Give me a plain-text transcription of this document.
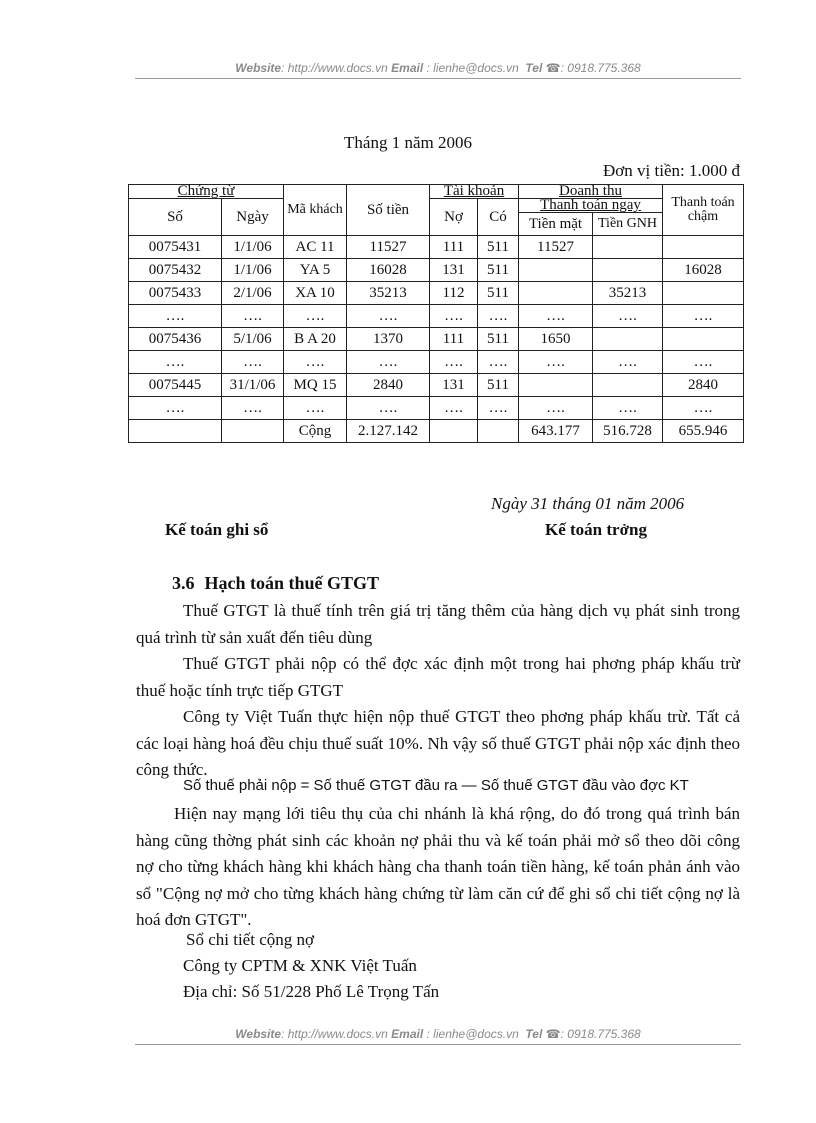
Website: http://www.docs.vn Email : lienhe@docs.vn Tel ☎: 0918.775.368
Tháng 1 năm 2006
Đơn vị tiền: 1.000 đ
Chứng từ		Mã khách	Số tiền	Tài khoản		Doanh thu		Thanh toán chậm
Số	Ngày			Nợ	Có	Thanh toán ngay		
						Tiền mặt	Tiền GNH	
0075431	1/1/06	AC 11	11527	111	511	11527		
0075432	1/1/06	YA 5	16028	131	511			16028
0075433	2/1/06	XA 10	35213	112	511		35213	
….	….	….	….	….	….	….	….	….
0075436	5/1/06	B A 20	1370	111	511	1650		
….	….	….	….	….	….	….	….	….
0075445	31/1/06	MQ 15	2840	131	511			2840
….	….	….	….	….	….	….	….	….
		Cộng	2.127.142			643.177	516.728	655.946
Ngày 31 tháng 01 năm 2006
Kế toán ghi sổ	Kế toán trởng
3.6 Hạch toán thuế GTGT
Thuế GTGT là thuế tính trên giá trị tăng thêm của hàng dịch vụ phát sinh trong quá trình từ sản xuất đến tiêu dùng
Thuế GTGT phải nộp có thể đợc xác định một trong hai phơng pháp khấu trừ thuế hoặc tính trực tiếp GTGT
Công ty Việt Tuấn thực hiện nộp thuế GTGT theo phơng pháp khấu trừ. Tất cả các loại hàng hoá đều chịu thuế suất 10%. Nh vậy số thuế GTGT phải nộp xác định theo công thức.
Số thuế phải nộp = Số thuế GTGT đầu ra — Số thuế GTGT đầu vào đợc KT
Hiện nay mạng lới tiêu thụ của chi nhánh là khá rộng, do đó trong quá trình bán hàng cũng thờng phát sinh các khoản nợ phải thu và kế toán phải mở sổ theo dõi công nợ cho từng khách hàng khi khách hàng cha thanh toán tiền hàng, kế toán phản ánh vào sổ "Cộng nợ mở cho từng khách hàng chứng từ làm căn cứ để ghi sổ chi tiết cộng nợ là hoá đơn GTGT".
Sổ chi tiết cộng nợ
Công ty CPTM & XNK Việt Tuấn
Địa chỉ: Số 51/228 Phố Lê Trọng Tấn
Website: http://www.docs.vn Email : lienhe@docs.vn Tel ☎: 0918.775.368
